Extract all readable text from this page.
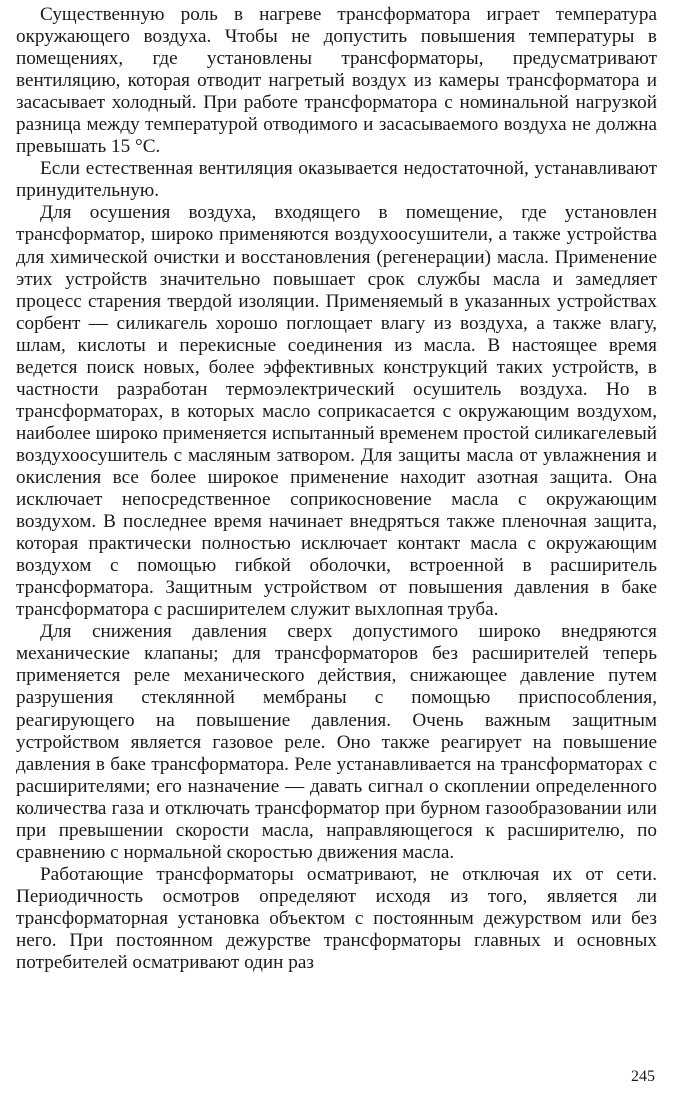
Существенную роль в нагреве трансформатора играет температура окружающего воздуха. Чтобы не допустить повышения температуры в помещениях, где установлены трансформаторы, предусматривают вентиляцию, которая отводит нагретый воздух из камеры трансформатора и засасывает холодный. При работе трансформатора с номинальной нагрузкой разница между температурой отводимого и засасываемого воздуха не должна превышать 15 °С.

Если естественная вентиляция оказывается недостаточной, устанавливают принудительную.

Для осушения воздуха, входящего в помещение, где установлен трансформатор, широко применяются воздухоосушители, а также устройства для химической очистки и восстановления (регенерации) масла. Применение этих устройств значительно повышает срок службы масла и замедляет процесс старения твердой изоляции. Применяемый в указанных устройствах сорбент — силикагель хорошо поглощает влагу из воздуха, а также влагу, шлам, кислоты и перекисные соединения из масла. В настоящее время ведется поиск новых, более эффективных конструкций таких устройств, в частности разработан термоэлектрический осушитель воздуха. Но в трансформаторах, в которых масло соприкасается с окружающим воздухом, наиболее широко применяется испытанный временем простой силикагелевый воздухоосушитель с масляным затвором. Для защиты масла от увлажнения и окисления все более широкое применение находит азотная защита. Она исключает непосредственное соприкосновение масла с окружающим воздухом. В последнее время начинает внедряться также пленочная защита, которая практически полностью исключает контакт масла с окружающим воздухом с помощью гибкой оболочки, встроенной в расширитель трансформатора. Защитным устройством от повышения давления в баке трансформатора с расширителем служит выхлопная труба.

Для снижения давления сверх допустимого широко внедряются механические клапаны; для трансформаторов без расширителей теперь применяется реле механического действия, снижающее давление путем разрушения стеклянной мембраны с помощью приспособления, реагирующего на повышение давления. Очень важным защитным устройством является газовое реле. Оно также реагирует на повышение давления в баке трансформатора. Реле устанавливается на трансформаторах с расширителями; его назначение — давать сигнал о скоплении определенного количества газа и отключать трансформатор при бурном газообразовании или при превышении скорости масла, направляющегося к расширителю, по сравнению с нормальной скоростью движения масла.

Работающие трансформаторы осматривают, не отключая их от сети. Периодичность осмотров определяют исходя из того, является ли трансформаторная установка объектом с постоянным дежурством или без него. При постоянном дежурстве трансформаторы главных и основных потребителей осматривают один раз

245
